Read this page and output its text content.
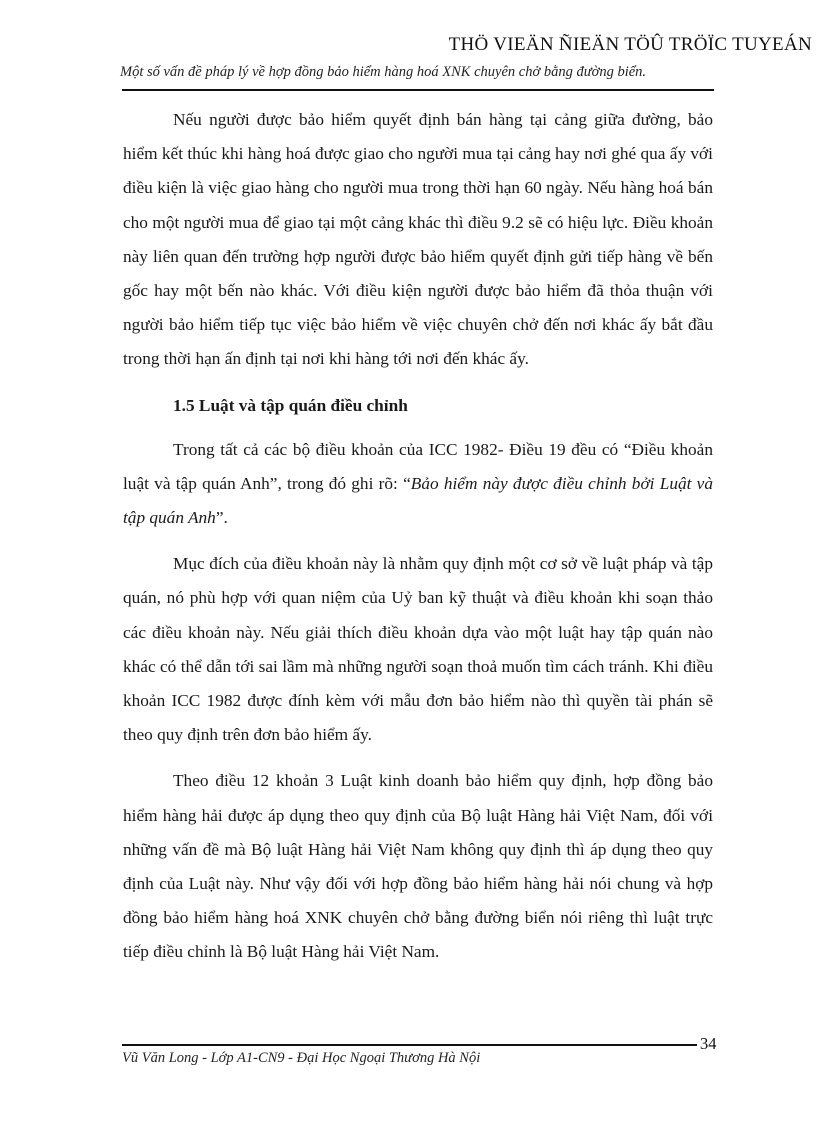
THÖ VIEÄN ÑIEÄN TÖÛ TRÖÏC TUYEÁN
Một số vấn đề pháp lý về hợp đồng bảo hiểm hàng hoá XNK chuyên chở bằng đường biển.

Nếu người được bảo hiểm quyết định bán hàng tại cảng giữa đường, bảo hiểm kết thúc khi hàng hoá được giao cho người mua tại cảng hay nơi ghé qua ấy với điều kiện là việc giao hàng cho người mua trong thời hạn 60 ngày. Nếu hàng hoá bán cho một người mua để giao tại một cảng khác thì điều 9.2 sẽ có hiệu lực. Điều khoản này liên quan đến trường hợp người được bảo hiểm quyết định gửi tiếp hàng về bến gốc hay một bến nào khác. Với điều kiện người được bảo hiểm đã thỏa thuận với người bảo hiểm tiếp tục việc bảo hiểm về việc chuyên chở đến nơi khác ấy bắt đầu trong thời hạn ấn định tại nơi khi hàng tới nơi đến khác ấy.

1.5 Luật và tập quán điều chỉnh

Trong tất cả các bộ điều khoản của ICC 1982- Điều 19 đều có “Điều khoản luật và tập quán Anh”, trong đó ghi rõ: “Bảo hiểm này được điều chỉnh bởi Luật và tập quán Anh”.

Mục đích của điều khoản này là nhằm quy định một cơ sở về luật pháp và tập quán, nó phù hợp với quan niệm của Uỷ ban kỹ thuật và điều khoản khi soạn thảo các điều khoản này. Nếu giải thích điều khoản dựa vào một luật hay tập quán nào khác có thể dẫn tới sai lầm mà những người soạn thoả muốn tìm cách tránh. Khi điều khoản ICC 1982 được đính kèm với mẫu đơn bảo hiểm nào thì quyền tài phán sẽ theo quy định trên đơn bảo hiểm ấy.

Theo điều 12 khoản 3 Luật kinh doanh bảo hiểm quy định, hợp đồng bảo hiểm hàng hải được áp dụng theo quy định của Bộ luật Hàng hải Việt Nam, đối với những vấn đề mà Bộ luật Hàng hải Việt Nam không quy định thì áp dụng theo quy định của Luật này. Như vậy đối với hợp đồng bảo hiểm hàng hải nói chung và hợp đồng bảo hiểm hàng hoá XNK chuyên chở bằng đường biển nói riêng thì luật trực tiếp điều chỉnh là Bộ luật Hàng hải Việt Nam.

34
Vũ Văn Long - Lớp A1-CN9 - Đại Học Ngoại Thương Hà Nội
